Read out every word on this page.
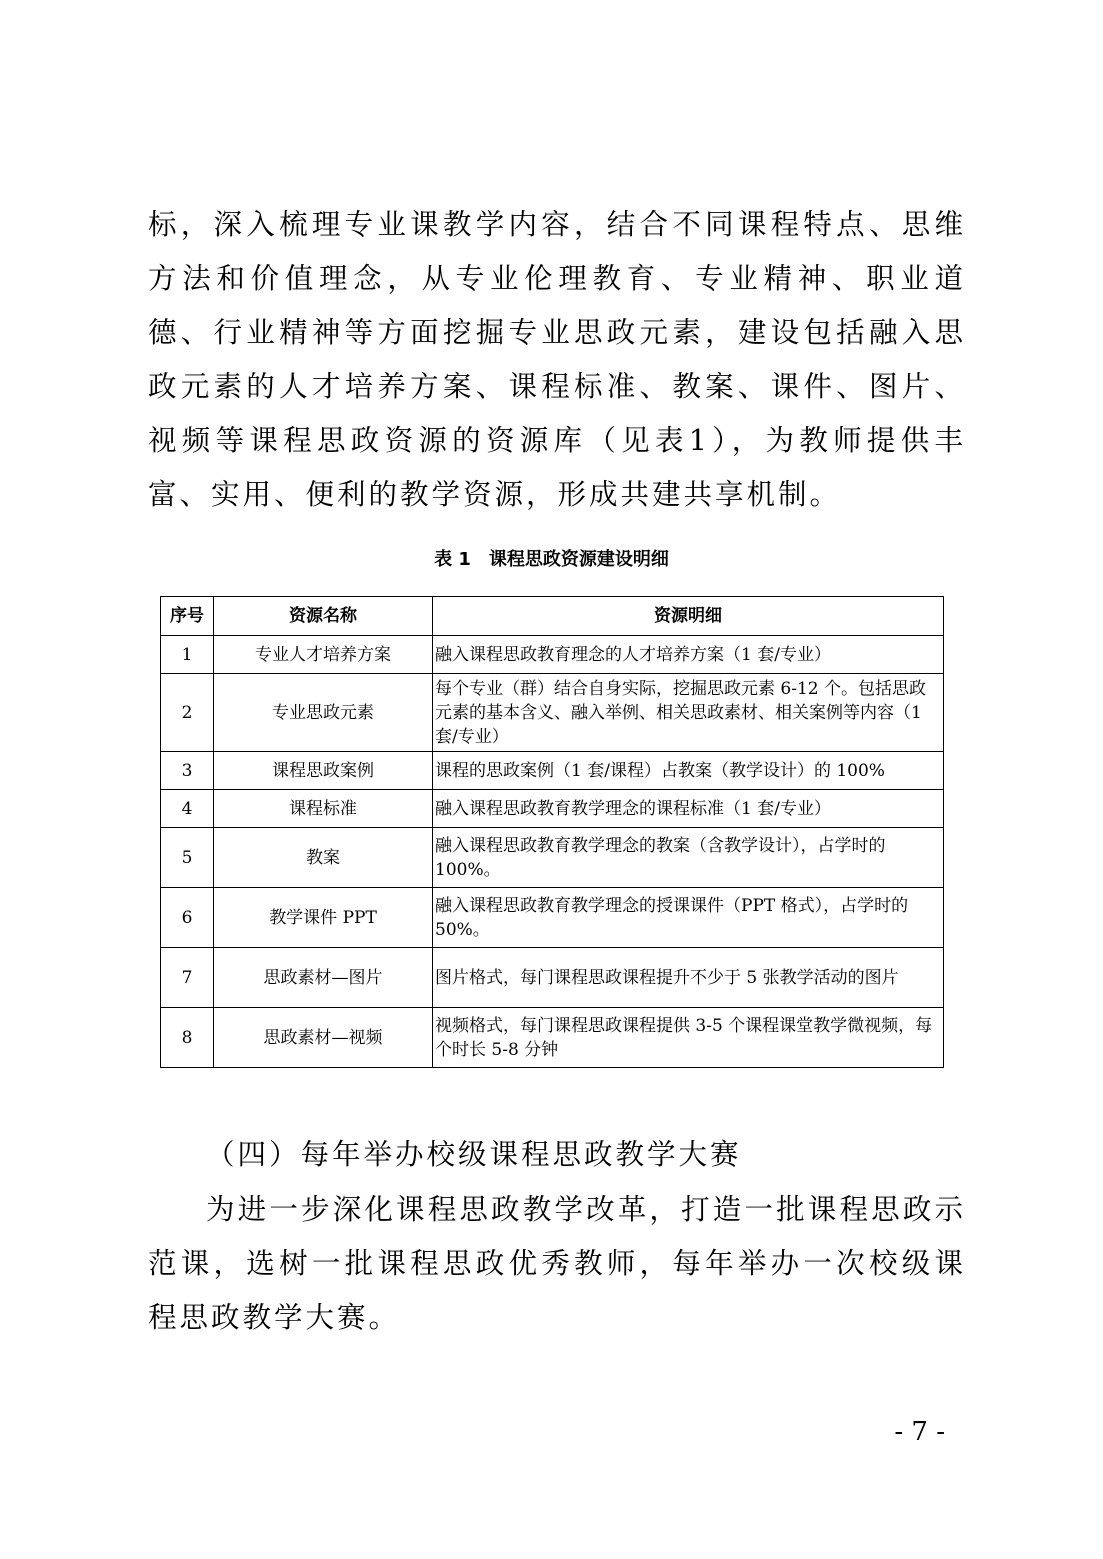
标，深入梳理专业课教学内容，结合不同课程特点、思维方法和价值理念，从专业伦理教育、专业精神、职业道德、行业精神等方面挖掘专业思政元素，建设包括融入思政元素的人才培养方案、课程标准、教案、课件、图片、视频等课程思政资源的资源库（见表1），为教师提供丰富、实用、便利的教学资源，形成共建共享机制。

表 1　课程思政资源建设明细

序号	资源名称	资源明细
1	专业人才培养方案	融入课程思政教育理念的人才培养方案（1 套/专业）
2	专业思政元素	每个专业（群）结合自身实际，挖掘思政元素 6-12 个。包括思政元素的基本含义、融入举例、相关思政素材、相关案例等内容（1 套/专业）
3	课程思政案例	课程的思政案例（1 套/课程）占教案（教学设计）的 100%
4	课程标准	融入课程思政教育教学理念的课程标准（1 套/专业）
5	教案	融入课程思政教育教学理念的教案（含教学设计），占学时的 100%。
6	教学课件 PPT	融入课程思政教育教学理念的授课课件（PPT 格式），占学时的 50%。
7	思政素材—图片	图片格式，每门课程思政课程提升不少于 5 张教学活动的图片
8	思政素材—视频	视频格式，每门课程思政课程提供 3-5 个课程课堂教学微视频，每个时长 5-8 分钟

（四）每年举办校级课程思政教学大赛

为进一步深化课程思政教学改革，打造一批课程思政示范课，选树一批课程思政优秀教师，每年举办一次校级课程思政教学大赛。

- 7 -
